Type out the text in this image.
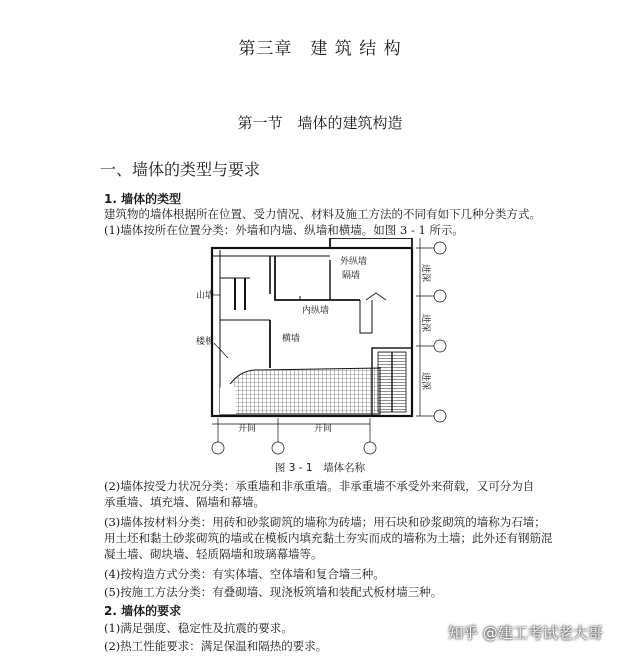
第三章　建 筑 结 构
第一节　墙体的建筑构造
一、墙体的类型与要求
1. 墙体的类型
建筑物的墙体根据所在位置、受力情况、材料及施工方法的不同有如下几种分类方式。
(1)墙体按所在位置分类：外墙和内墙、纵墙和横墙。如图 3 - 1 所示。
外纵墙
隔墙
内纵墙
山墙
楼板	横墙
开间	开间
进深
进深
进深
图 3 - 1　墙体名称
(2)墙体按受力状况分类：承重墙和非承重墙。非承重墙不承受外来荷载，又可分为自
承重墙、填充墙、隔墙和幕墙。
(3)墙体按材料分类：用砖和砂浆砌筑的墙称为砖墙；用石块和砂浆砌筑的墙称为石墙；
用土坯和黏土砂浆砌筑的墙或在模板内填充黏土夯实而成的墙称为土墙；此外还有钢筋混
凝土墙、砌块墙、轻质隔墙和玻璃幕墙等。
(4)按构造方式分类：有实体墙、空体墙和复合墙三种。
(5)按施工方法分类：有叠砌墙、现浇板筑墙和装配式板材墙三种。
2. 墙体的要求
(1)满足强度、稳定性及抗震的要求。
(2)热工性能要求：满足保温和隔热的要求。
知乎 @建工考试老大哥
